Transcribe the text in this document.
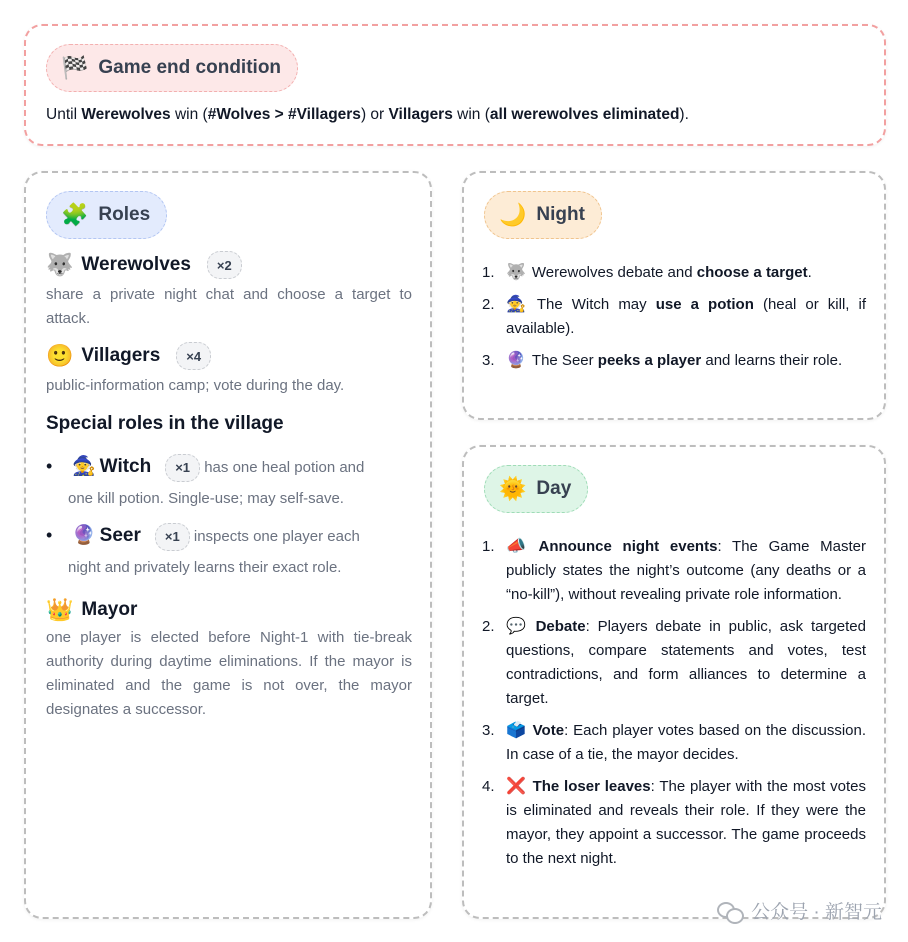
🏁 Game end condition
Until Werewolves win (#Wolves > #Villagers) or Villagers win (all werewolves eliminated).
🧩 Roles
🐺 Werewolves	×2
share a private night chat and choose a target to attack.
🙂 Villagers	×4
public-information camp; vote during the day.
Special roles in the village
• 🧙 Witch ×1 has one heal potion and
one kill potion. Single-use; may self-save.
• 🔮 Seer ×1 inspects one player each
night and privately learns their exact role.
👑 Mayor
one player is elected before Night-1 with tie-break authority during daytime eliminations. If the mayor is eliminated and the game is not over, the mayor designates a successor.
🌙 Night
1. 🐺 Werewolves debate and choose a target.
2. 🧙 The Witch may use a potion (heal or kill, if available).
3. 🔮 The Seer peeks a player and learns their role.
🌞 Day
1. 📣 Announce night events: The Game Master publicly states the night’s outcome (any deaths or a “no-kill”), without revealing private role information.
2. 💬 Debate: Players debate in public, ask targeted questions, compare statements and votes, test contradictions, and form alliances to determine a target.
3. 🗳️ Vote: Each player votes based on the discussion. In case of a tie, the mayor decides.
4. ❌ The loser leaves: The player with the most votes is eliminated and reveals their role. If they were the mayor, they appoint a successor. The game proceeds to the next night.
公众号 · 新智元
